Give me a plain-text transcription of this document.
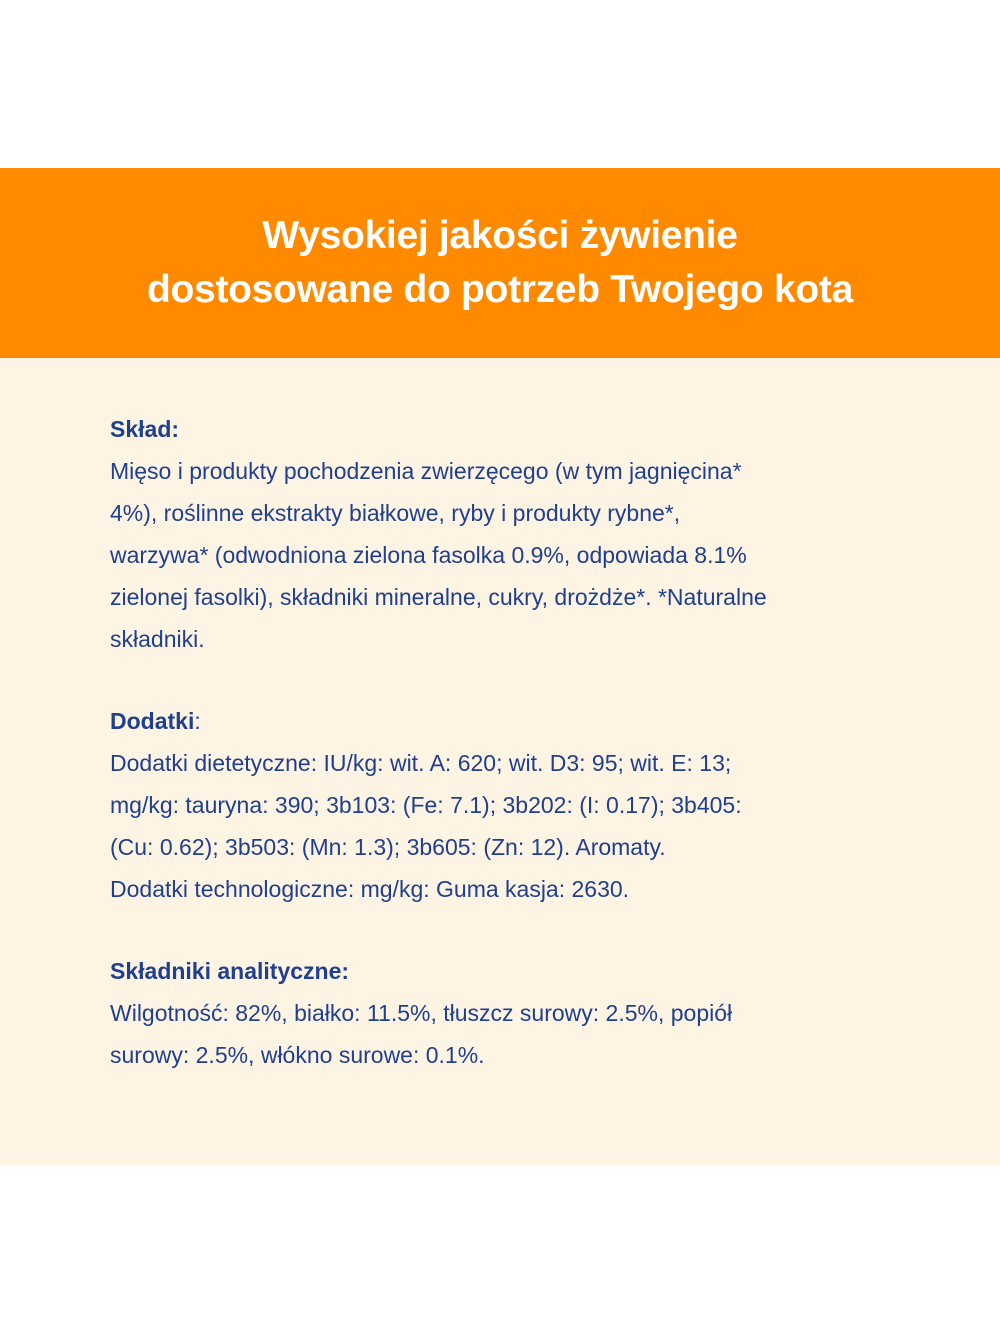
Wysokiej jakości żywienie
dostosowane do potrzeb Twojego kota
Skład:

Mięso i produkty pochodzenia zwierzęcego (w tym jagnięcina*
4%), roślinne ekstrakty białkowe, ryby i produkty rybne*,
warzywa* (odwodniona zielona fasolka 0.9%, odpowiada 8.1%
zielonej fasolki), składniki mineralne, cukry, drożdże*. *Naturalne
składniki.

Dodatki:

Dodatki dietetyczne: IU/kg: wit. A: 620; wit. D3: 95; wit. E: 13;
mg/kg: tauryna: 390; 3b103: (Fe: 7.1); 3b202: (I: 0.17); 3b405:
(Cu: 0.62); 3b503: (Mn: 1.3); 3b605: (Zn: 12). Aromaty.
Dodatki technologiczne: mg/kg: Guma kasja: 2630.

Składniki analityczne:

Wilgotność: 82%, białko: 11.5%, tłuszcz surowy: 2.5%, popiół
surowy: 2.5%, włókno surowe: 0.1%.
